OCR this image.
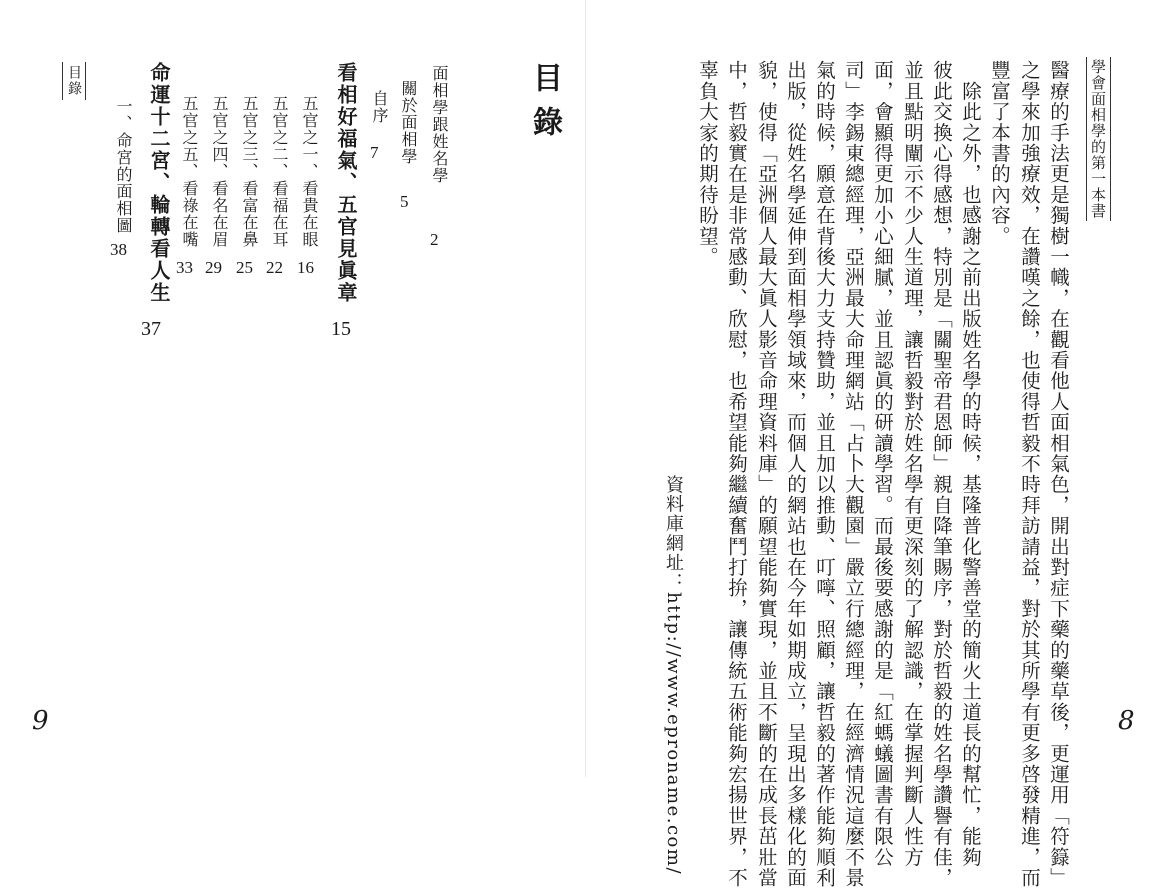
學會面相學的第一本書
8
醫療的手法更是獨樹一幟，在觀看他人面相氣色，開出對症下藥的藥草後，更運用「符籙」
之學來加強療效，在讚嘆之餘，也使得哲毅不時拜訪請益，對於其所學有更多啓發精進，而
豐富了本書的內容。
　除此之外，也感謝之前出版姓名學的時候，基隆普化警善堂的簡火土道長的幫忙，能夠
彼此交換心得感想，特別是「關聖帝君恩師」親自降筆賜序，對於哲毅的姓名學讚譽有佳，
並且點明闡示不少人生道理，讓哲毅對於姓名學有更深刻的了解認識，在掌握判斷人性方
面，會顯得更加小心細膩，並且認眞的研讀學習。而最後要感謝的是「紅螞蟻圖書有限公
司」李錫東總經理，亞洲最大命理網站「占卜大觀園」嚴立行總經理，在經濟情況這麼不景
氣的時候，願意在背後大力支持贊助，並且加以推動、叮嚀、照顧，讓哲毅的著作能夠順利
出版，從姓名學延伸到面相學領域來，而個人的網站也在今年如期成立，呈現出多樣化的面
貌，使得「亞洲個人最大眞人影音命理資料庫」的願望能夠實現，並且不斷的在成長茁壯當
中，哲毅實在是非常感動、欣慰，也希望能夠繼續奮鬥打拚，讓傳統五術能夠宏揚世界，不
辜負大家的期待盼望。
資料庫網址：http://www.eproname.com/
目錄
9
目錄
面相學跟姓名學
2
關於面相學
5
自序
7
看相好福氣、五官見眞章
15
五官之一、看貴在眼
16
五官之二、看福在耳
22
五官之三、看富在鼻
25
五官之四、看名在眉
29
五官之五、看祿在嘴
33
命運十二宮、輪轉看人生
37
一、命宮的面相圖
38
